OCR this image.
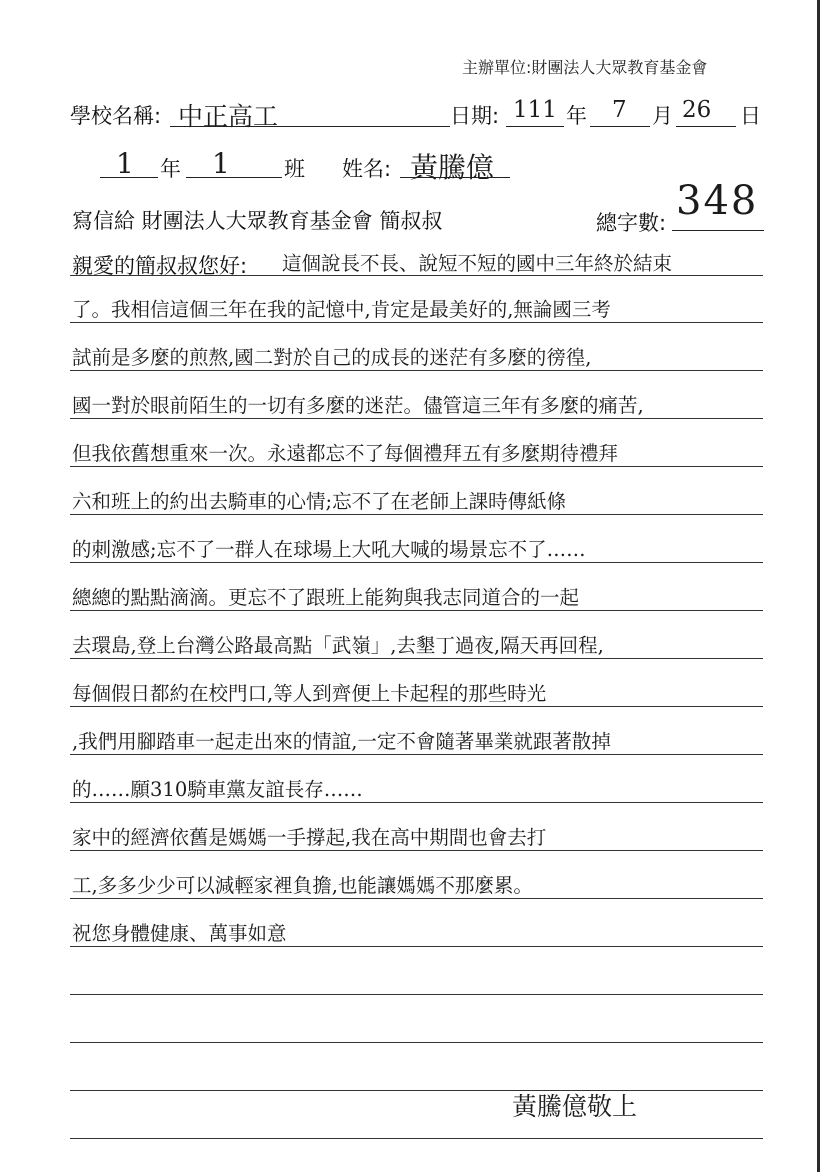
主辦單位:財團法人大眾教育基金會
學校名稱: 中正高工	日期: 111 年 7 月 26 日
1 年 1	班 姓名: 黃騰億
寫信給 財團法人大眾教育基金會 簡叔叔	總字數: 348
親愛的簡叔叔您好: 這個說長不長、說短不短的國中三年終於結束
了。我相信這個三年在我的記憶中,肯定是最美好的,無論國三考
試前是多麼的煎熬,國二對於自己的成長的迷茫有多麼的徬徨,
國一對於眼前陌生的一切有多麼的迷茫。儘管這三年有多麼的痛苦,
但我依舊想重來一次。永遠都忘不了每個禮拜五有多麼期待禮拜
六和班上的約出去騎車的心情;忘不了在老師上課時傳紙條
的刺激感;忘不了一群人在球場上大吼大喊的場景忘不了……
總總的點點滴滴。更忘不了跟班上能夠與我志同道合的一起
去環島,登上台灣公路最高點「武嶺」,去墾丁過夜,隔天再回程,
每個假日都約在校門口,等人到齊便上卡起程的那些時光
,我們用腳踏車一起走出來的情誼,一定不會隨著畢業就跟著散掉
的……願310騎車黨友誼長存……
家中的經濟依舊是媽媽一手撐起,我在高中期間也會去打
工,多多少少可以減輕家裡負擔,也能讓媽媽不那麼累。
祝您身體健康、萬事如意
黃騰億敬上
